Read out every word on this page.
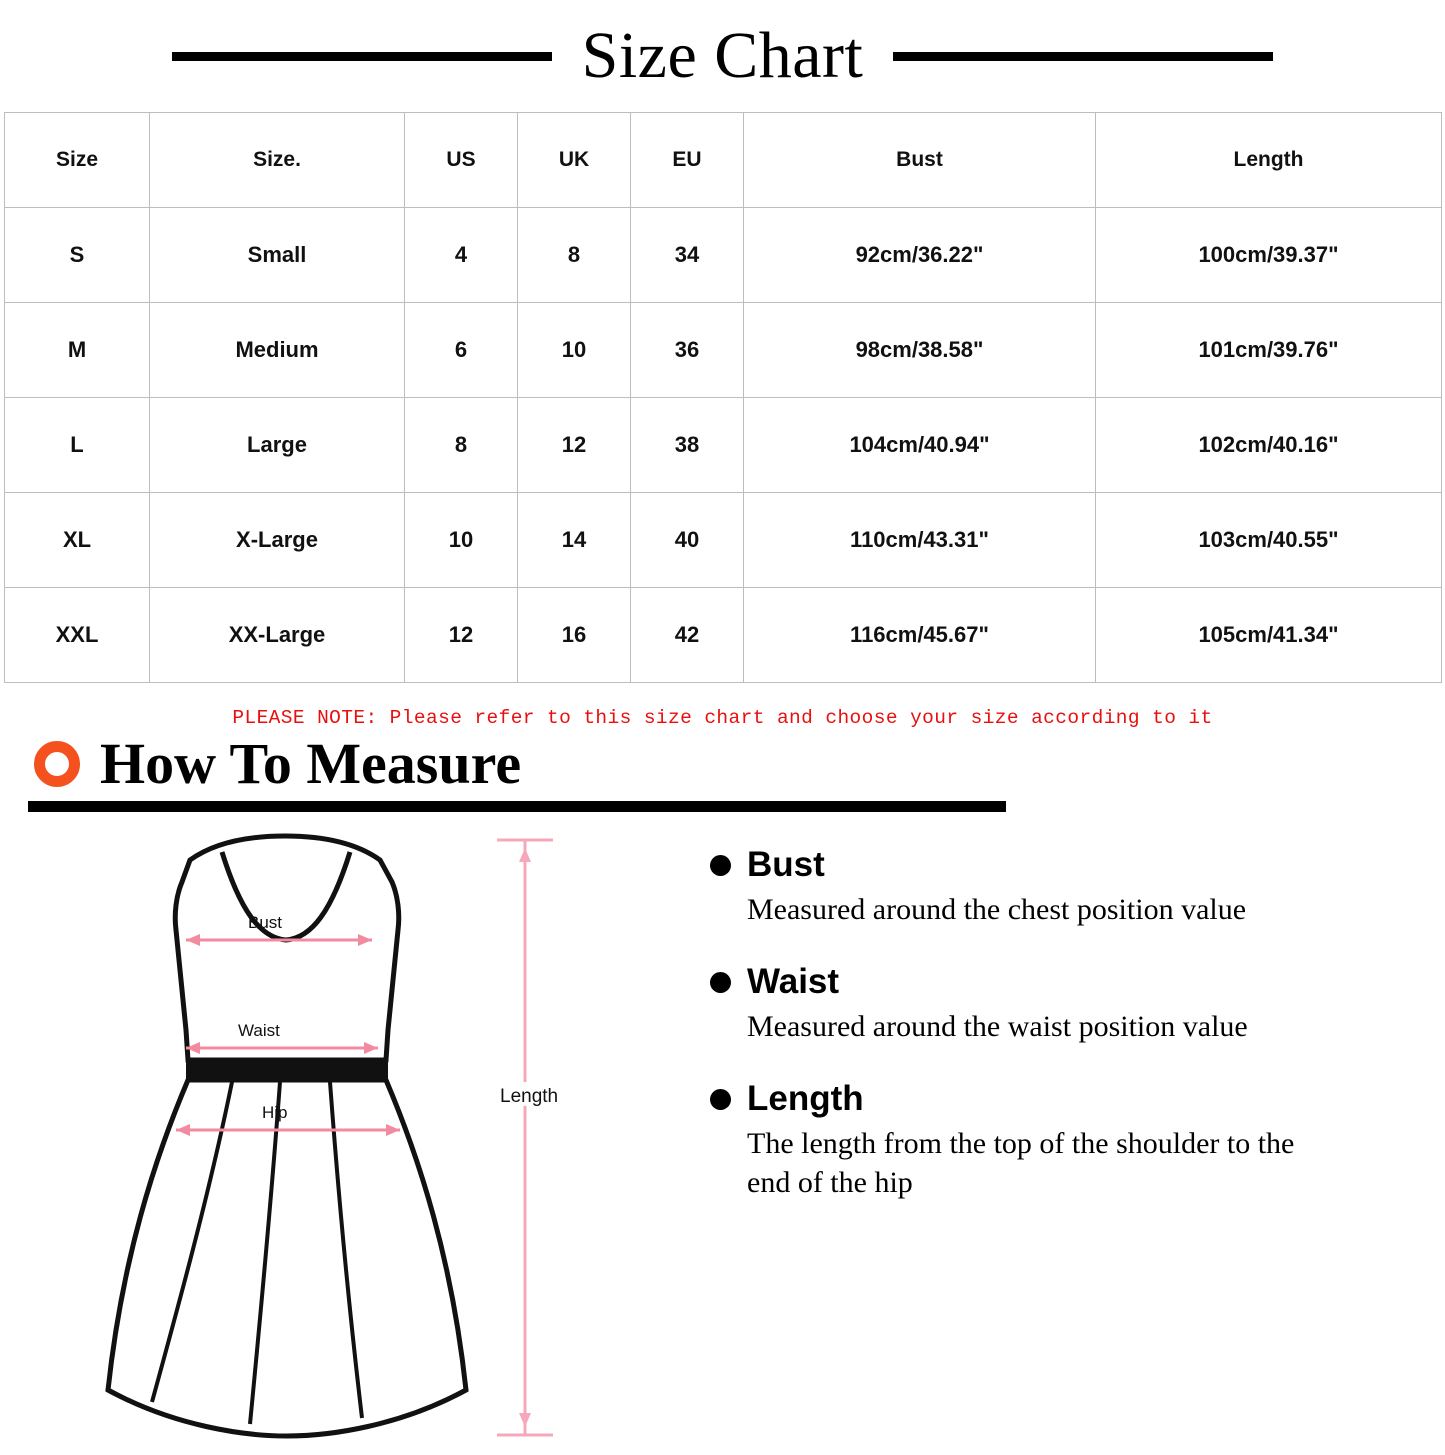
Size Chart
Size	Size.	US	UK	EU	Bust	Length
S	Small	4	8	34	92cm/36.22"	100cm/39.37"
M	Medium	6	10	36	98cm/38.58"	101cm/39.76"
L	Large	8	12	38	104cm/40.94"	102cm/40.16"
XL	X-Large	10	14	40	110cm/43.31"	103cm/40.55"
XXL	XX-Large	12	16	42	116cm/45.67"	105cm/41.34"
PLEASE NOTE: Please refer to this size chart and choose your size according to it
How To Measure
Bust
Waist
Hip
Length
Bust
Measured around the chest position value
Waist
Measured around the waist position value
Length
The length from the top of the shoulder to the end of the hip
